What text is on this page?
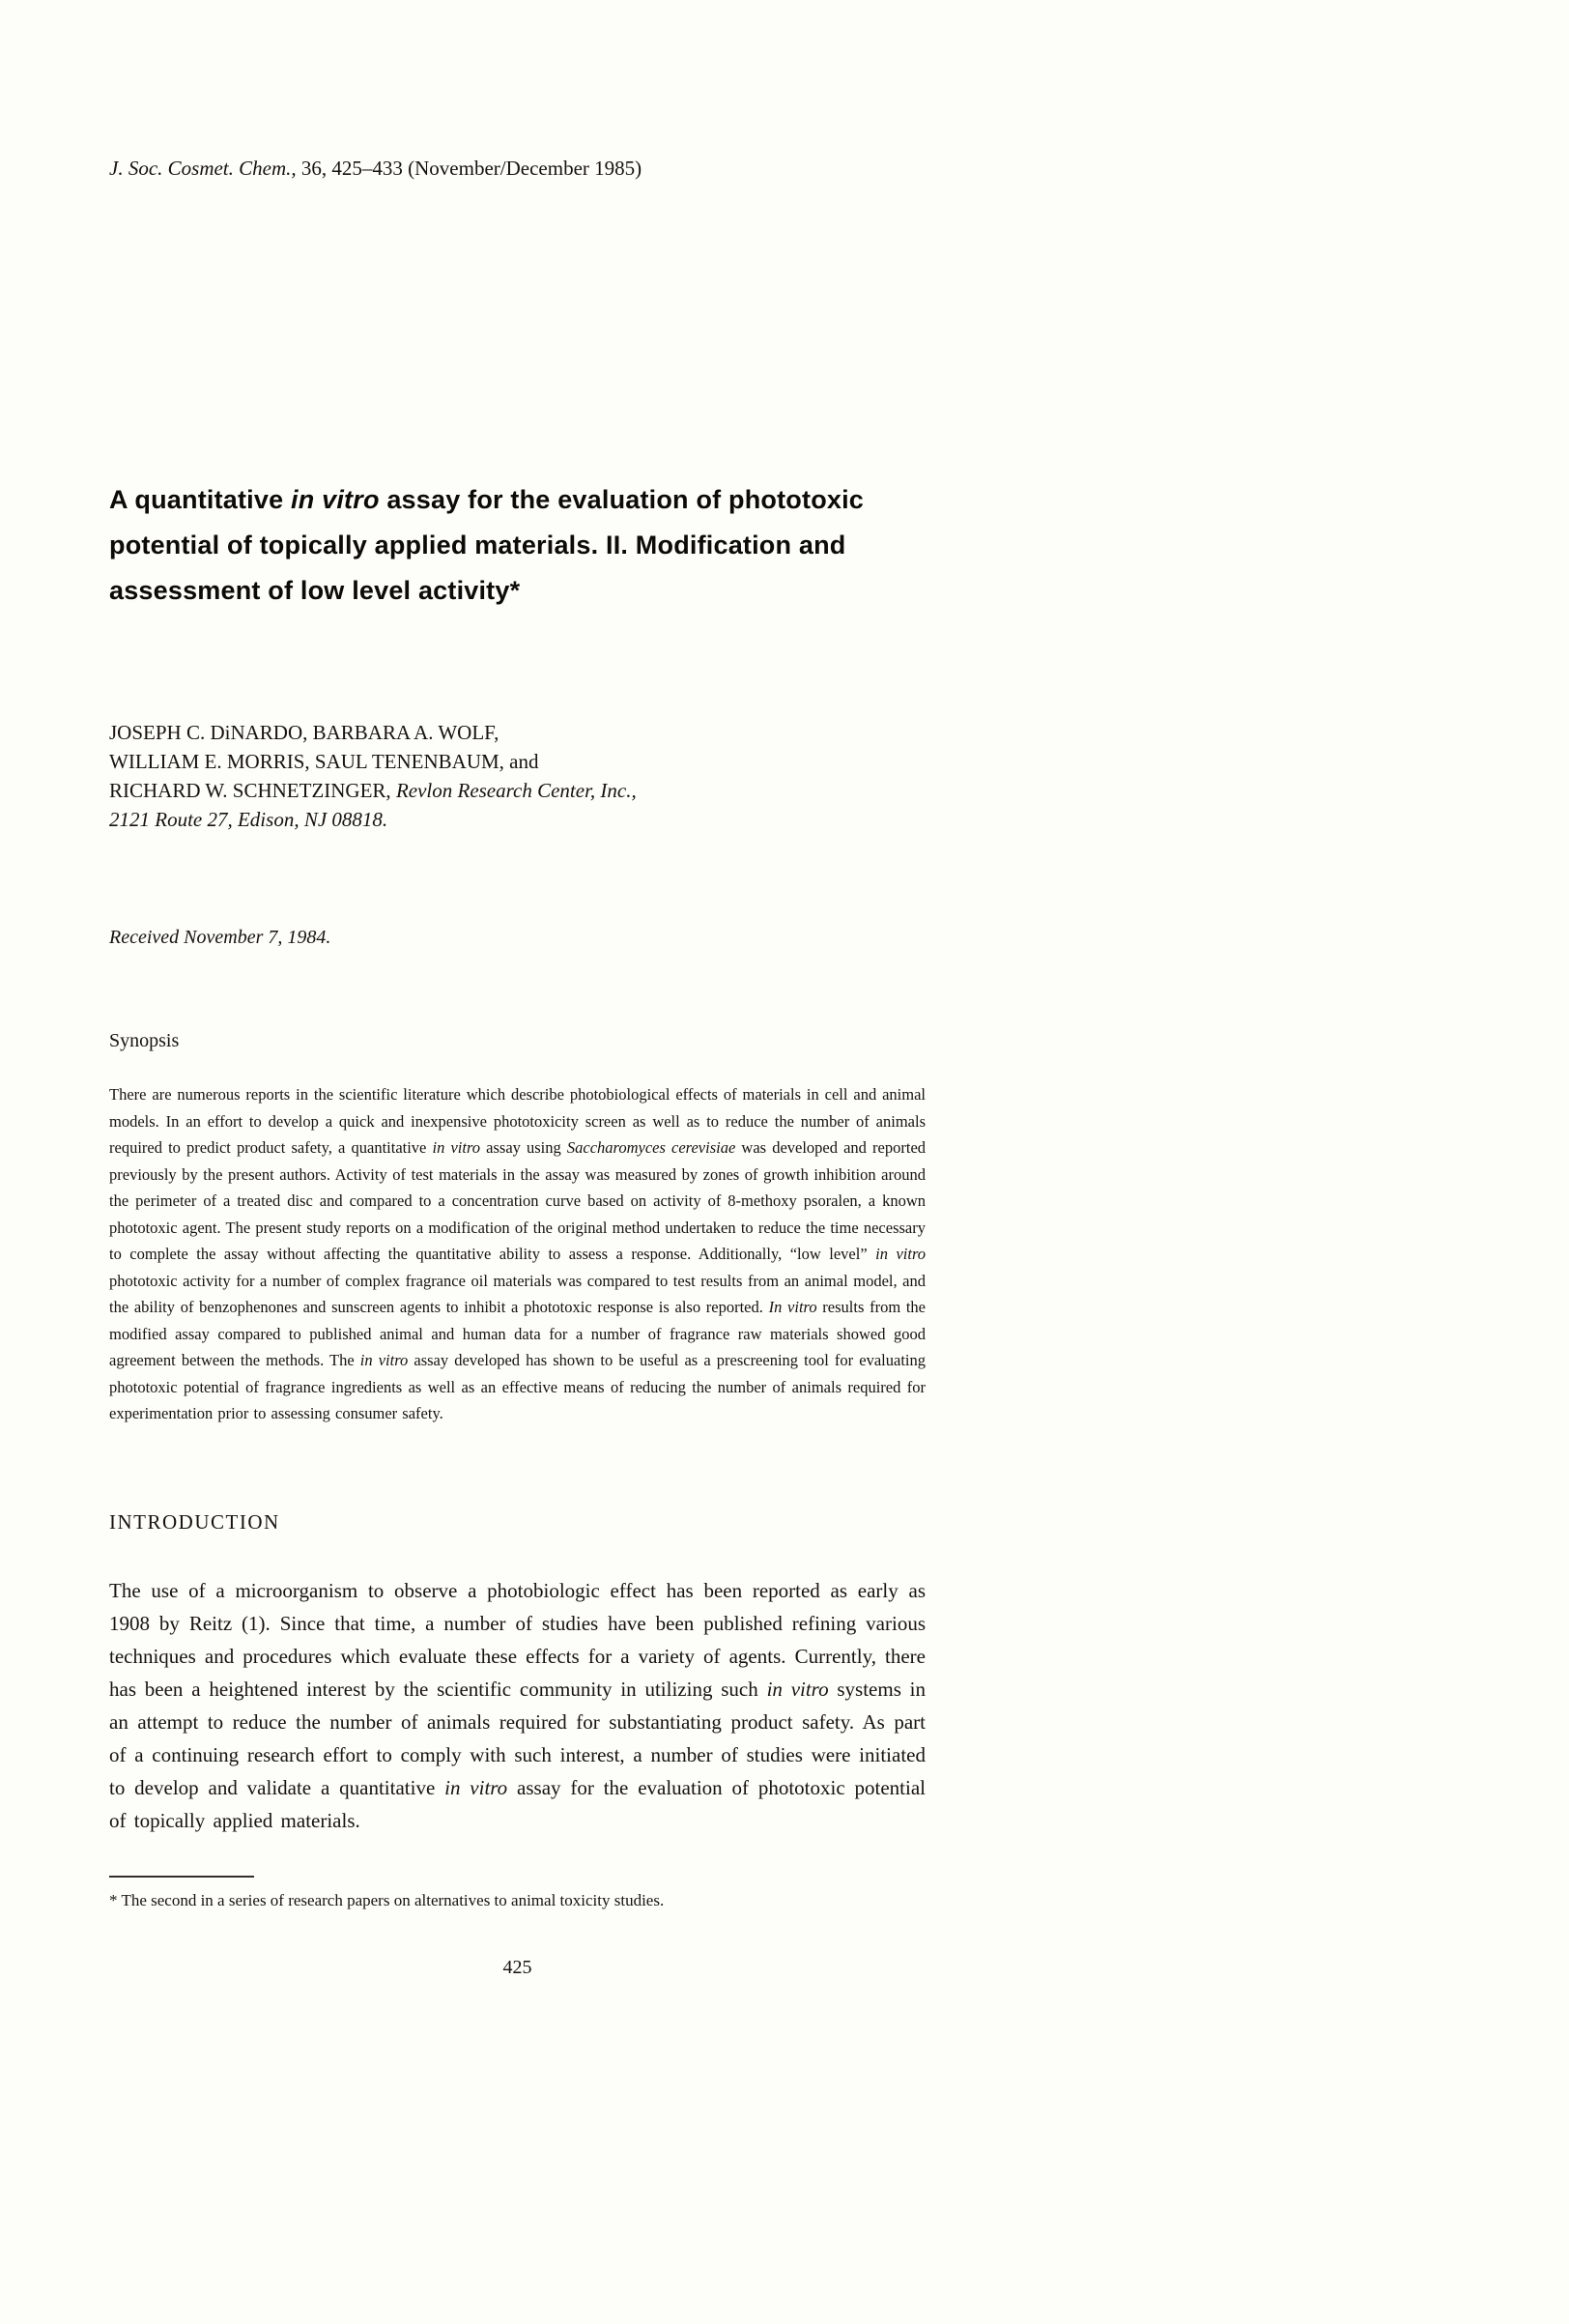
J. Soc. Cosmet. Chem., 36, 425–433 (November/December 1985)

A quantitative in vitro assay for the evaluation of phototoxic
potential of topically applied materials. II. Modification and
assessment of low level activity*
JOSEPH C. DiNARDO, BARBARA A. WOLF,
WILLIAM E. MORRIS, SAUL TENENBAUM, and
RICHARD W. SCHNETZINGER, Revlon Research Center, Inc.,
2121 Route 27, Edison, NJ 08818.

Received November 7, 1984.

Synopsis

There are numerous reports in the scientific literature which describe photobiological effects of materials in cell and animal models. In an effort to develop a quick and inexpensive phototoxicity screen as well as to reduce the number of animals required to predict product safety, a quantitative in vitro assay using Saccharomyces cerevisiae was developed and reported previously by the present authors. Activity of test materials in the assay was measured by zones of growth inhibition around the perimeter of a treated disc and compared to a concentration curve based on activity of 8-methoxy psoralen, a known phototoxic agent. The present study reports on a modification of the original method undertaken to reduce the time necessary to complete the assay without affecting the quantitative ability to assess a response. Additionally, “low level” in vitro phototoxic activity for a number of complex fragrance oil materials was compared to test results from an animal model, and the ability of benzophenones and sunscreen agents to inhibit a phototoxic response is also reported. In vitro results from the modified assay compared to published animal and human data for a number of fragrance raw materials showed good agreement between the methods. The in vitro assay developed has shown to be useful as a prescreening tool for evaluating phototoxic potential of fragrance ingredients as well as an effective means of reducing the number of animals required for experimentation prior to assessing consumer safety.

INTRODUCTION

The use of a microorganism to observe a photobiologic effect has been reported as early as 1908 by Reitz (1). Since that time, a number of studies have been published refining various techniques and procedures which evaluate these effects for a variety of agents. Currently, there has been a heightened interest by the scientific community in utilizing such in vitro systems in an attempt to reduce the number of animals required for substantiating product safety. As part of a continuing research effort to comply with such interest, a number of studies were initiated to develop and validate a quantitative in vitro assay for the evaluation of phototoxic potential of topically applied materials.

* The second in a series of research papers on alternatives to animal toxicity studies.

425
